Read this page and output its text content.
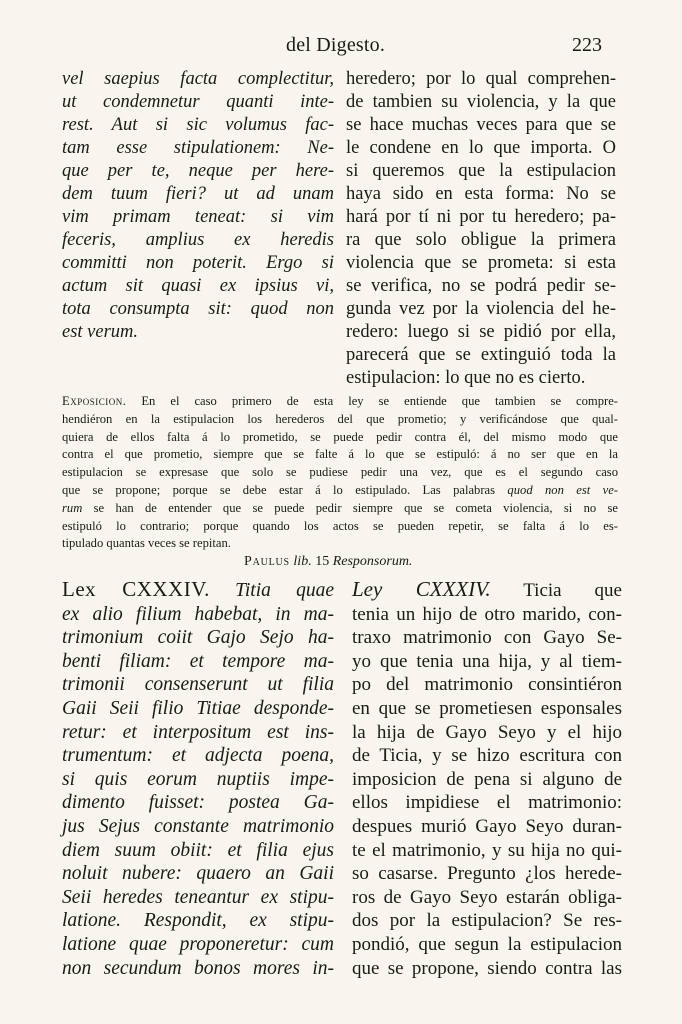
del Digesto.	223
vel saepius facta complectitur,
ut condemnetur quanti inte-
rest. Aut si sic volumus fac-
tam esse stipulationem: Ne-
que per te, neque per here-
dem tuum fieri? ut ad unam
vim primam teneat: si vim
feceris, amplius ex heredis
committi non poterit. Ergo si
actum sit quasi ex ipsius vi,
tota consumpta sit: quod non
est verum.
heredero; por lo qual comprehen-
de tambien su violencia, y la que
se hace muchas veces para que se
le condene en lo que importa. O
si queremos que la estipulacion
haya sido en esta forma: No se
hará por tí ni por tu heredero; pa-
ra que solo obligue la primera
violencia que se prometa: si esta
se verifica, no se podrá pedir se-
gunda vez por la violencia del he-
redero: luego si se pidió por ella,
parecerá que se extinguió toda la
estipulacion: lo que no es cierto.
Exposicion. En el caso primero de esta ley se entiende que tambien se compre-
hendiéron en la estipulacion los herederos del que prometio; y verificándose que qual-
quiera de ellos falta á lo prometido, se puede pedir contra él, del mismo modo que
contra el que prometio, siempre que se falte á lo que se estipuló: á no ser que en la
estipulacion se expresase que solo se pudiese pedir una vez, que es el segundo caso
que se propone; porque se debe estar á lo estipulado. Las palabras quod non est ve-
rum se han de entender que se puede pedir siempre que se cometa violencia, si no se
estipuló lo contrario; porque quando los actos se pueden repetir, se falta á lo es-
tipulado quantas veces se repitan.
Paulus lib. 15 Responsorum.
Lex CXXXIV. Titia quae
ex alio filium habebat, in ma-
trimonium coiit Gajo Sejo ha-
benti filiam: et tempore ma-
trimonii consenserunt ut filia
Gaii Seii filio Titiae desponde-
retur: et interpositum est ins-
trumentum: et adjecta poena,
si quis eorum nuptiis impe-
dimento fuisset: postea Ga-
jus Sejus constante matrimonio
diem suum obiit: et filia ejus
noluit nubere: quaero an Gaii
Seii heredes teneantur ex stipu-
latione. Respondit, ex stipu-
latione quae proponeretur: cum
non secundum bonos mores in-
Ley CXXXIV. Ticia que
tenia un hijo de otro marido, con-
traxo matrimonio con Gayo Se-
yo que tenia una hija, y al tiem-
po del matrimonio consintiéron
en que se prometiesen esponsales
la hija de Gayo Seyo y el hijo
de Ticia, y se hizo escritura con
imposicion de pena si alguno de
ellos impidiese el matrimonio:
despues murió Gayo Seyo duran-
te el matrimonio, y su hija no qui-
so casarse. Pregunto ¿los herede-
ros de Gayo Seyo estarán obliga-
dos por la estipulacion? Se res-
pondió, que segun la estipulacion
que se propone, siendo contra las
